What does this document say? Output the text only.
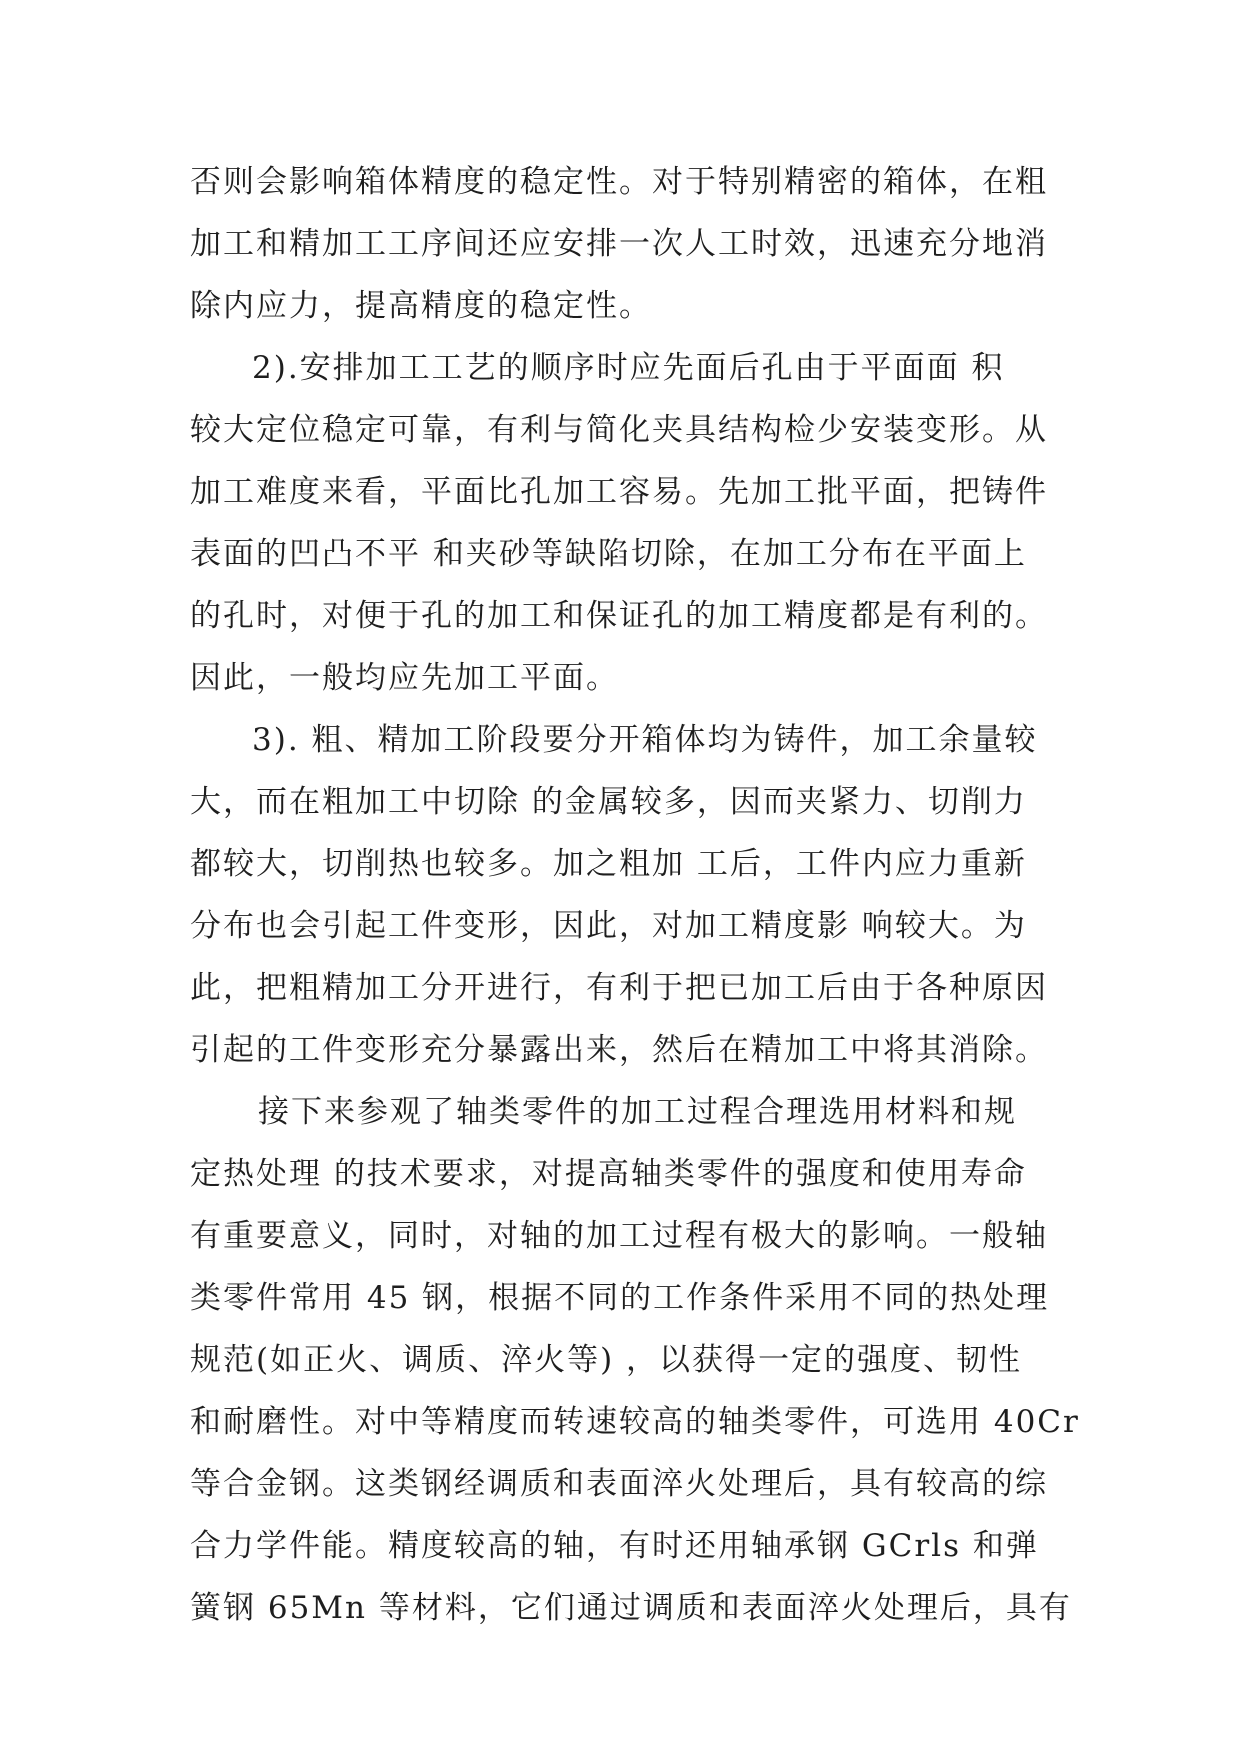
否则会影响箱体精度的稳定性。对于特别精密的箱体，在粗
加工和精加工工序间还应安排一次人工时效，迅速充分地消
除内应力，提高精度的稳定性。
2).安排加工工艺的顺序时应先面后孔由于平面面 积
较大定位稳定可靠，有利与简化夹具结构检少安装变形。从
加工难度来看，平面比孔加工容易。先加工批平面，把铸件
表面的凹凸不平 和夹砂等缺陷切除，在加工分布在平面上
的孔时，对便于孔的加工和保证孔的加工精度都是有利的。
因此，一般均应先加工平面。
3). 粗、精加工阶段要分开箱体均为铸件，加工余量较
大，而在粗加工中切除 的金属较多，因而夹紧力、切削力
都较大，切削热也较多。加之粗加 工后，工件内应力重新
分布也会引起工件变形，因此，对加工精度影 响较大。为
此，把粗精加工分开进行，有利于把已加工后由于各种原因
引起的工件变形充分暴露出来，然后在精加工中将其消除。
接下来参观了轴类零件的加工过程合理选用材料和规
定热处理 的技术要求，对提高轴类零件的强度和使用寿命
有重要意义，同时，对轴的加工过程有极大的影响。一般轴
类零件常用 45 钢，根据不同的工作条件采用不同的热处理
规范(如正火、调质、淬火等) ，以获得一定的强度、韧性
和耐磨性。对中等精度而转速较高的轴类零件，可选用 40Cr
等合金钢。这类钢经调质和表面淬火处理后，具有较高的综
合力学件能。精度较高的轴，有时还用轴承钢 GCrls 和弹
簧钢 65Mn 等材料，它们通过调质和表面淬火处理后，具有
